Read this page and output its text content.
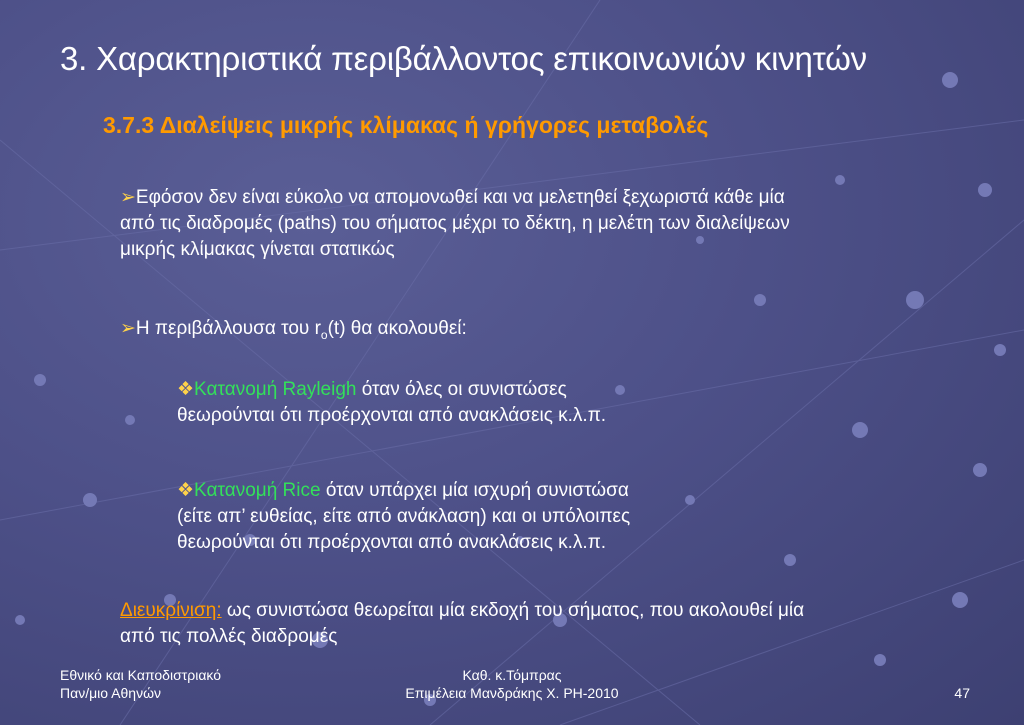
3. Χαρακτηριστικά περιβάλλοντος επικοινωνιών κινητών
3.7.3 Διαλείψεις μικρής κλίμακας ή γρήγορες μεταβολές
➢Εφόσον δεν είναι εύκολο να απομονωθεί και να μελετηθεί ξεχωριστά κάθε μία
από τις διαδρομές (paths) του σήματος μέχρι το δέκτη, η μελέτη των διαλείψεων
μικρής κλίμακας γίνεται στατικώς
➢Η περιβάλλουσα του $r_o(t)$ θα ακολουθεί:
❖Κατανομή Rayleigh όταν όλες οι συνιστώσες
θεωρούνται ότι προέρχονται από ανακλάσεις κ.λ.π.
❖Κατανομή Rice όταν υπάρχει μία ισχυρή συνιστώσα
(είτε απ’ ευθείας, είτε από ανάκλαση) και οι υπόλοιπες
θεωρούνται ότι προέρχονται από ανακλάσεις κ.λ.π.
Διευκρίνιση: ως συνιστώσα θεωρείται μία εκδοχή του σήματος, που ακολουθεί μία
από τις πολλές διαδρομές
Εθνικό και Καποδιστριακό
Παν/μιο Αθηνών
Καθ. κ.Τόμπρας
Επιμέλεια Μανδράκης Χ. ΡΗ-2010	47
